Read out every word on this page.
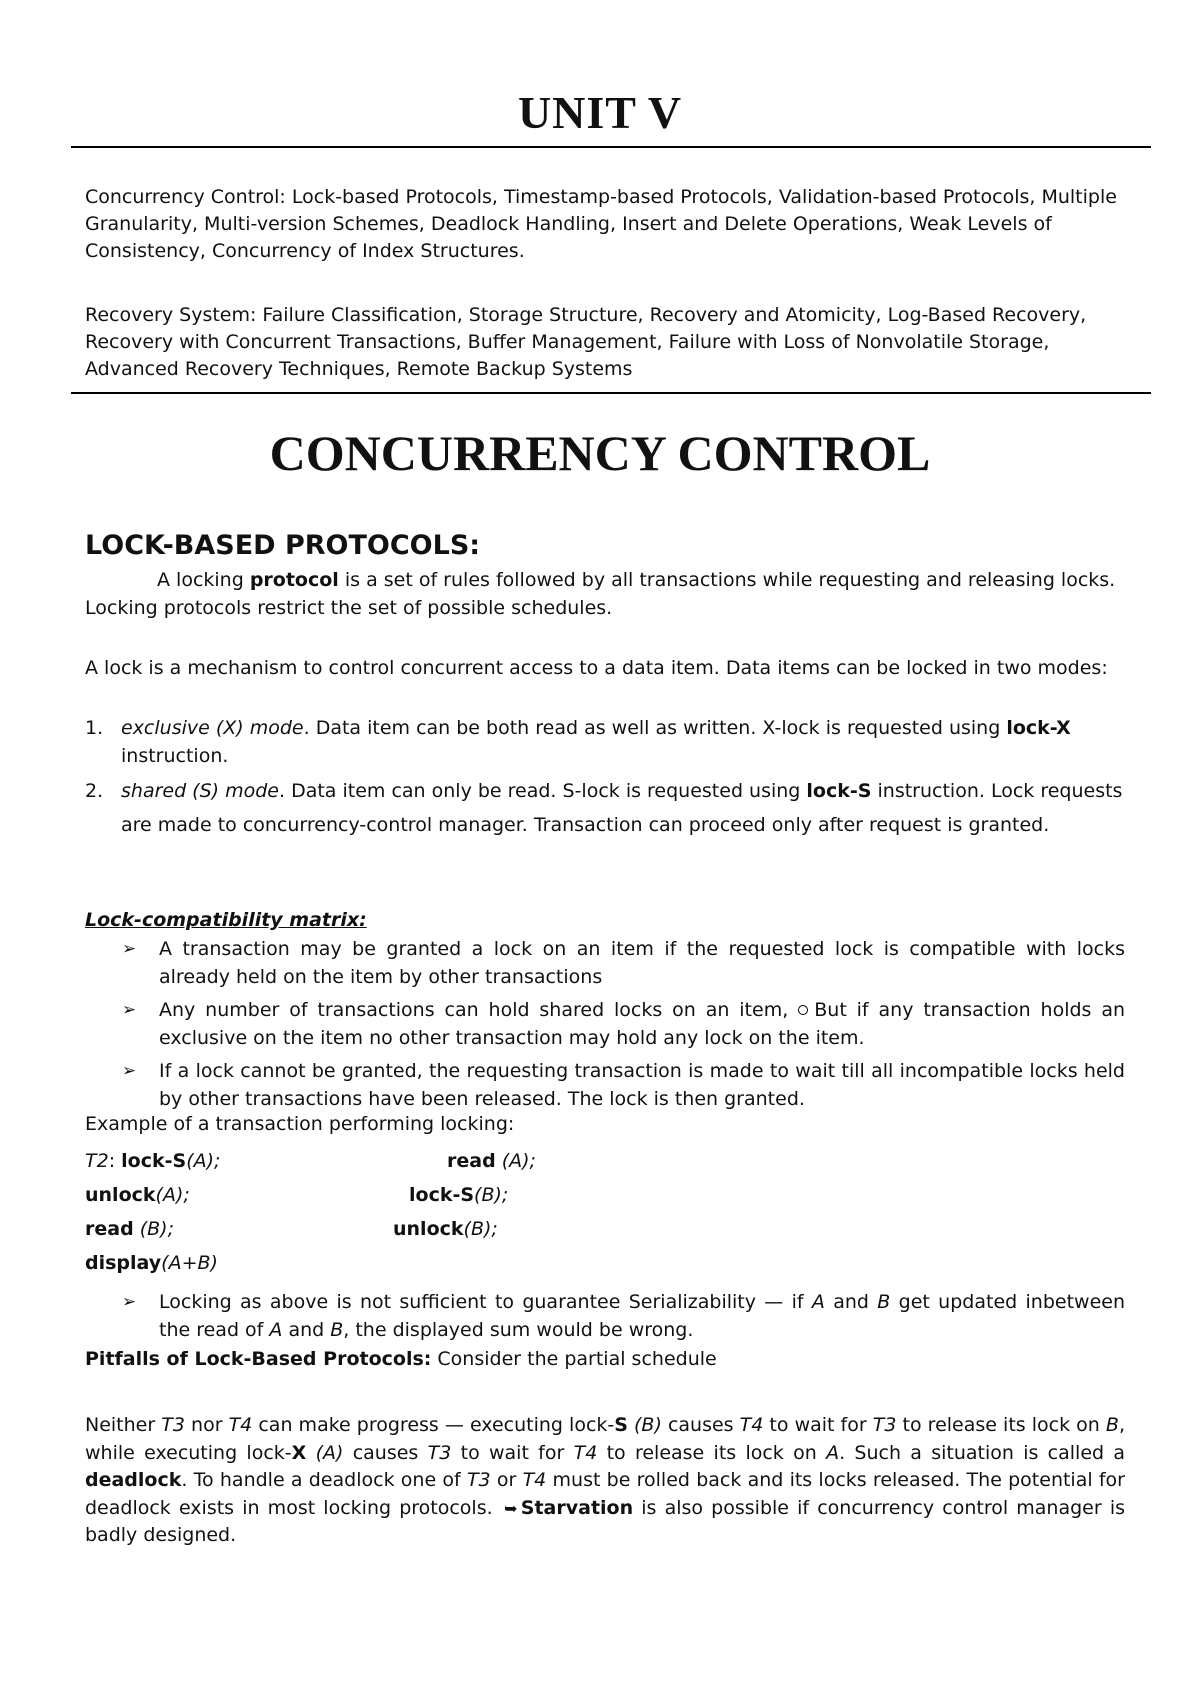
UNIT V
Concurrency Control: Lock-based Protocols, Timestamp-based Protocols, Validation-based Protocols, Multiple Granularity, Multi-version Schemes, Deadlock Handling, Insert and Delete Operations, Weak Levels of Consistency, Concurrency of Index Structures.
Recovery System: Failure Classification, Storage Structure, Recovery and Atomicity, Log-Based Recovery, Recovery with Concurrent Transactions, Buffer Management, Failure with Loss of Nonvolatile Storage, Advanced Recovery Techniques, Remote Backup Systems
CONCURRENCY CONTROL
LOCK-BASED PROTOCOLS:
A locking protocol is a set of rules followed by all transactions while requesting and releasing locks. Locking protocols restrict the set of possible schedules.
A lock is a mechanism to control concurrent access to a data item. Data items can be locked in two modes:
1. exclusive (X) mode. Data item can be both read as well as written. X-lock is requested using lock-X instruction.
2. shared (S) mode. Data item can only be read. S-lock is requested using lock-S instruction. Lock requests are made to concurrency-control manager. Transaction can proceed only after request is granted.
Lock-compatibility matrix:
➢ A transaction may be granted a lock on an item if the requested lock is compatible with locks already held on the item by other transactions
➢ Any number of transactions can hold shared locks on an item, But if any transaction holds an exclusive on the item no other transaction may hold any lock on the item.
➢ If a lock cannot be granted, the requesting transaction is made to wait till all incompatible locks held by other transactions have been released. The lock is then granted.
Example of a transaction performing locking:
T2: lock-S(A);	read (A);
unlock(A);	lock-S(B);
read (B);	unlock(B);
display(A+B)
➢ Locking as above is not sufficient to guarantee Serializability — if A and B get updated inbetween the read of A and B, the displayed sum would be wrong.
Pitfalls of Lock-Based Protocols: Consider the partial schedule
Neither T3 nor T4 can make progress — executing lock-S (B) causes T4 to wait for T3 to release its lock on B, while executing lock-X (A) causes T3 to wait for T4 to release its lock on A. Such a situation is called a deadlock. To handle a deadlock one of T3 or T4 must be rolled back and its locks released. The potential for deadlock exists in most locking protocols. ➥ Starvation is also possible if concurrency control manager is badly designed.
